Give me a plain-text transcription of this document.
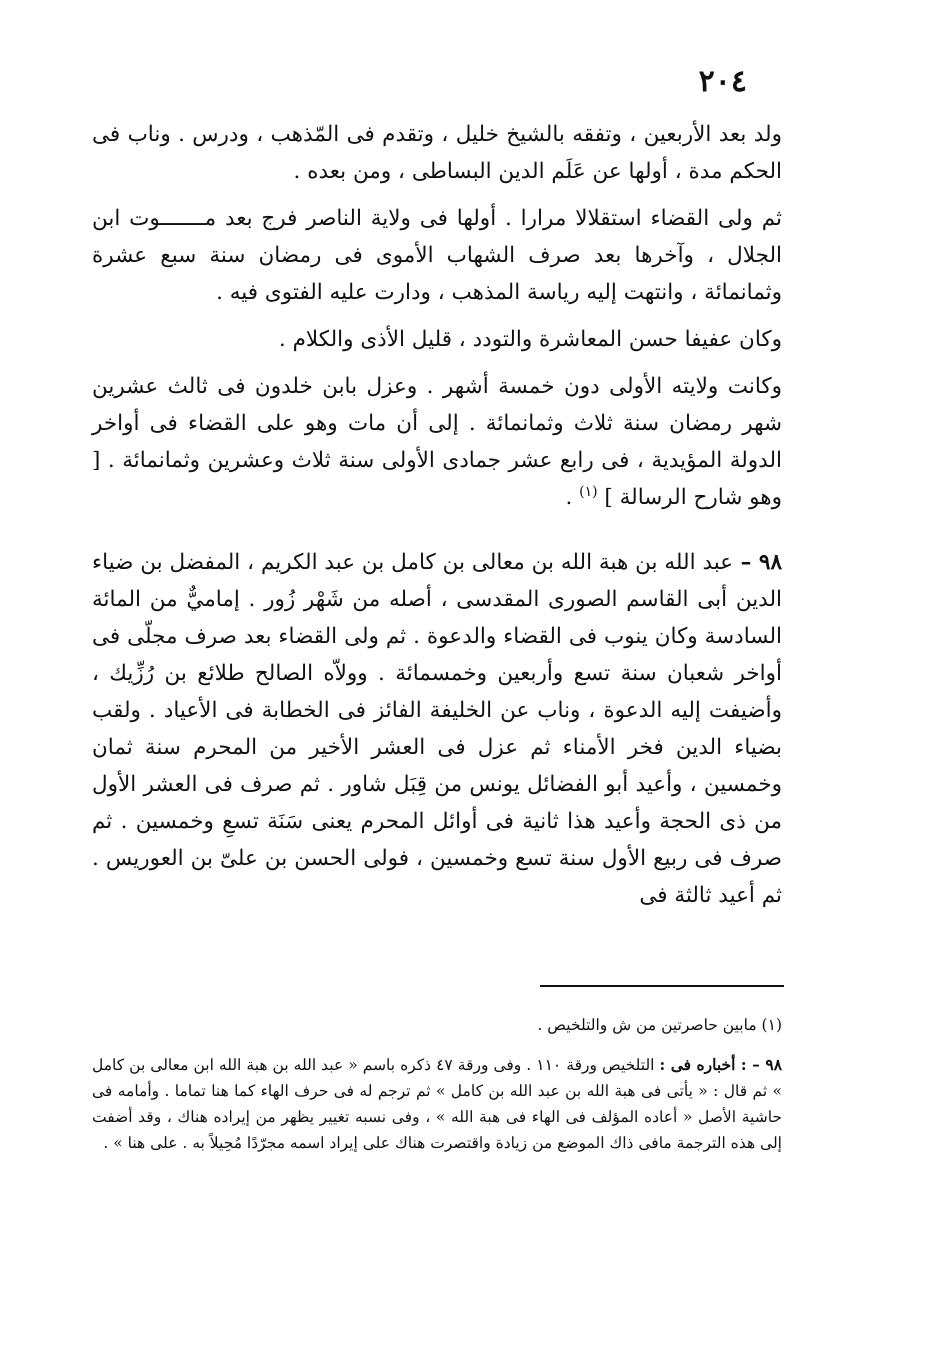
٢٠٤

ولد بعد الأربعين ، وتفقه بالشيخ خليل ، وتقدم فى المّذهب ، ودرس . وناب فى الحكم مدة ، أولها عن عَلَم الدين البساطى ، ومن بعده .

ثم ولى القضاء استقلالا مرارا . أولها فى ولاية الناصر فرج بعد مـــــــوت ابن الجلال ، وآخرها بعد صرف الشهاب الأموى فى رمضان سنة سبع عشرة وثمانمائة ، وانتهت إليه رياسة المذهب ، ودارت عليه الفتوى فيه .

وكان عفيفا حسن المعاشرة والتودد ، قليل الأذى والكلام .

وكانت ولايته الأولى دون خمسة أشهر . وعزل بابن خلدون فى ثالث عشرين شهر رمضان سنة ثلاث وثمانمائة . إلى أن مات وهو على القضاء فى أواخر الدولة المؤيدية ، فى رابع عشر جمادى الأولى سنة ثلاث وعشرين وثمانمائة . [ وهو شارح الرسالة ] $^{(١)}$ .

٩٨ – عبد الله بن هبة الله بن معالى بن كامل بن عبد الكريم ، المفضل بن ضياء الدين أبى القاسم الصورى المقدسى ، أصله من شَهْر زُور . إماميٌّ من المائة السادسة وكان ينوب فى القضاء والدعوة . ثم ولى القضاء بعد صرف مجلّى فى أواخر شعبان سنة تسع وأربعين وخمسمائة . وولاّه الصالح طلائع بن رُزِّيك ، وأضيفت إليه الدعوة ، وناب عن الخليفة الفائز فى الخطابة فى الأعياد . ولقب بضياء الدين فخر الأمناء ثم عزل فى العشر الأخير من المحرم سنة ثمان وخمسين ، وأعيد أبو الفضائل يونس من قِبَل شاور . ثم صرف فى العشر الأول من ذى الحجة وأعيد هذا ثانية فى أوائل المحرم يعنى سَنَة تسعِ وخمسين . ثم صرف فى ربيع الأول سنة تسع وخمسين ، فولى الحسن بن علىّ بن العوريس . ثم أعيد ثالثة فى

(١) مابين حاصرتين من ش والتلخيص .

٩٨ – : أخباره فى : التلخيص ورقة ١١٠ . وفى ورقة ٤٧ ذكره باسم « عبد الله بن هبة الله ابن معالى بن كامل » ثم قال : « يأتى فى هبة الله بن عبد الله بن كامل » ثم ترجم له فى حرف الهاء كما هنا تماما . وأمامه فى حاشية الأصل « أعاده المؤلف فى الهاء فى هبة الله » ، وفى نسبه تغيير يظهر من إيراده هناك ، وقد أضفت إلى هذه الترجمة مافى ذاك الموضع من زيادة واقتصرت هناك على إيراد اسمه مجرّدًا مُحِيلاً به . على هنا » .
